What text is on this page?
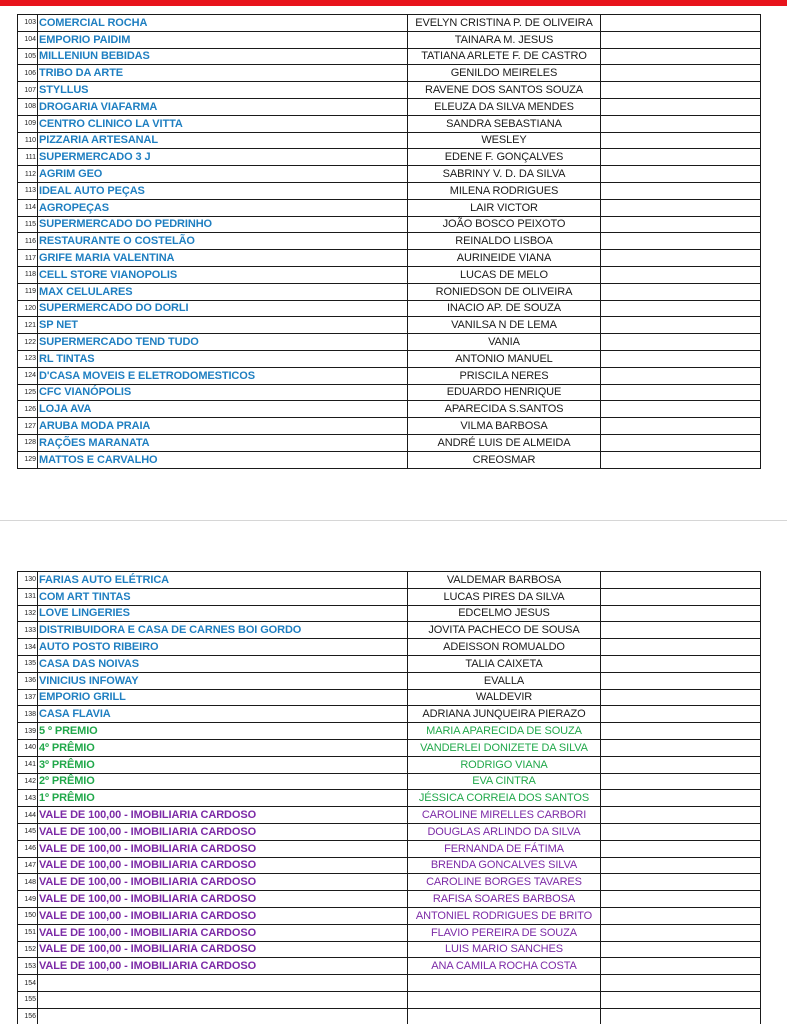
103	COMERCIAL ROCHA	EVELYN CRISTINA P. DE OLIVEIRA	
104	EMPORIO PAIDIM	TAINARA M. JESUS	
105	MILLENIUN BEBIDAS	TATIANA ARLETE F. DE CASTRO	
106	TRIBO DA ARTE	GENILDO MEIRELES	
107	STYLLUS	RAVENE DOS SANTOS SOUZA	
108	DROGARIA VIAFARMA	ELEUZA DA SILVA MENDES	
109	CENTRO CLINICO LA VITTA	SANDRA SEBASTIANA	
110	PIZZARIA ARTESANAL	WESLEY	
111	SUPERMERCADO 3 J	EDENE F. GONÇALVES	
112	AGRIM GEO	SABRINY V. D. DA SILVA	
113	IDEAL AUTO PEÇAS	MILENA RODRIGUES	
114	AGROPEÇAS	LAIR VICTOR	
115	SUPERMERCADO DO PEDRINHO	JOÃO BOSCO PEIXOTO	
116	RESTAURANTE O COSTELÃO	REINALDO LISBOA	
117	GRIFE MARIA VALENTINA	AURINEIDE VIANA	
118	CELL STORE VIANOPOLIS	LUCAS DE MELO	
119	MAX CELULARES	RONIEDSON DE OLIVEIRA	
120	SUPERMERCADO DO DORLI	INACIO AP. DE SOUZA	
121	SP NET	VANILSA N DE LEMA	
122	SUPERMERCADO TEND TUDO	VANIA	
123	RL TINTAS	ANTONIO MANUEL	
124	D'CASA MOVEIS E ELETRODOMESTICOS	PRISCILA NERES	
125	CFC VIANÓPOLIS	EDUARDO HENRIQUE	
126	LOJA AVA	APARECIDA S.SANTOS	
127	ARUBA MODA PRAIA	VILMA BARBOSA	
128	RAÇÕES MARANATA	ANDRÉ LUIS DE ALMEIDA	
129	MATTOS E CARVALHO	CREOSMAR	
130	FARIAS AUTO ELÉTRICA	VALDEMAR BARBOSA	
131	COM ART TINTAS	LUCAS PIRES DA SILVA	
132	LOVE LINGERIES	EDCELMO JESUS	
133	DISTRIBUIDORA E CASA DE CARNES BOI GORDO	JOVITA PACHECO DE SOUSA	
134	AUTO POSTO RIBEIRO	ADEISSON ROMUALDO	
135	CASA DAS NOIVAS	TALIA CAIXETA	
136	VINICIUS INFOWAY	EVALLA	
137	EMPORIO GRILL	WALDEVIR	
138	CASA FLAVIA	ADRIANA JUNQUEIRA PIERAZO	
139	5 º PREMIO	MARIA APARECIDA DE SOUZA	
140	4º PRÊMIO	VANDERLEI DONIZETE DA SILVA	
141	3º PRÊMIO	RODRIGO VIANA	
142	2º PRÊMIO	EVA CINTRA	
143	1º PRÊMIO	JÉSSICA CORREIA DOS SANTOS	
144	VALE DE 100,00 - IMOBILIARIA CARDOSO	CAROLINE MIRELLES CARBORI	
145	VALE DE 100,00 - IMOBILIARIA CARDOSO	DOUGLAS ARLINDO DA SILVA	
146	VALE DE 100,00 - IMOBILIARIA CARDOSO	FERNANDA DE FÁTIMA	
147	VALE DE 100,00 - IMOBILIARIA CARDOSO	BRENDA GONCALVES SILVA	
148	VALE DE 100,00 - IMOBILIARIA CARDOSO	CAROLINE BORGES TAVARES	
149	VALE DE 100,00 - IMOBILIARIA CARDOSO	RAFISA SOARES BARBOSA	
150	VALE DE 100,00 - IMOBILIARIA CARDOSO	ANTONIEL RODRIGUES DE BRITO	
151	VALE DE 100,00 - IMOBILIARIA CARDOSO	FLAVIO PEREIRA DE SOUZA	
152	VALE DE 100,00 - IMOBILIARIA CARDOSO	LUIS MARIO SANCHES	
153	VALE DE 100,00 - IMOBILIARIA CARDOSO	ANA CAMILA ROCHA COSTA	
154			
155			
156			
